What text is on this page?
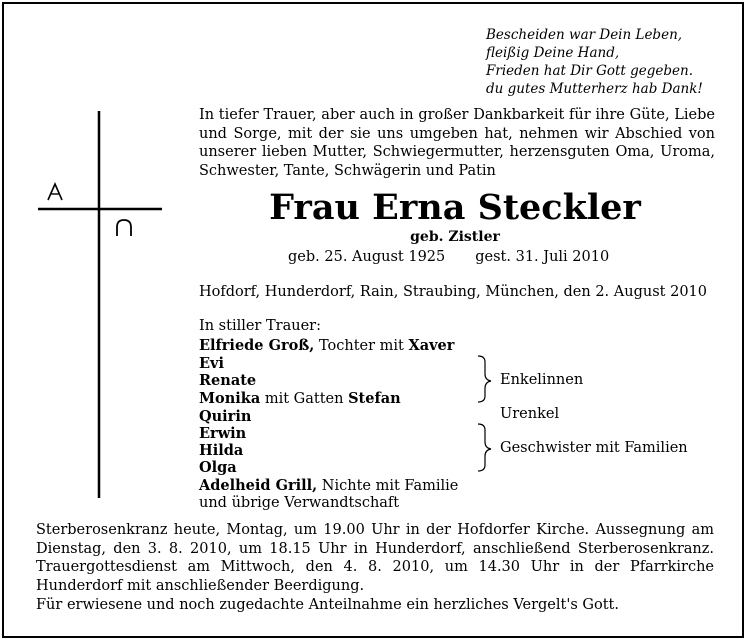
Bescheiden war Dein Leben,
fleißig Deine Hand,
Frieden hat Dir Gott gegeben.
du gutes Mutterherz hab Dank!
In tiefer Trauer, aber auch in großer Dankbarkeit für ihre Güte, Liebe und Sorge, mit der sie uns umgeben hat, nehmen wir Abschied von unserer lieben Mutter, Schwiegermutter, herzensguten Oma, Uroma, Schwester, Tante, Schwägerin und Patin
Frau Erna Steckler
geb. Zistler
geb. 25. August 1925 gest. 31. Juli 2010
Hofdorf, Hunderdorf, Rain, Straubing, München, den 2. August 2010
In stiller Trauer:
Elfriede Groß, Tochter mit Xaver
Evi
Renate
Monika mit Gatten Stefan
Quirin
Erwin
Hilda
Olga
Adelheid Grill, Nichte mit Familie
und übrige Verwandtschaft
Enkelinnen
Urenkel
Geschwister mit Familien
Sterberosenkranz heute, Montag, um 19.00 Uhr in der Hofdorfer Kirche. Aussegnung am Dienstag, den 3. 8. 2010, um 18.15 Uhr in Hunderdorf, anschließend Sterberosenkranz. Trauergottesdienst am Mittwoch, den 4. 8. 2010, um 14.30 Uhr in der Pfarrkirche Hunderdorf mit anschließender Beerdigung.
Für erwiesene und noch zugedachte Anteilnahme ein herzliches Vergelt's Gott.
